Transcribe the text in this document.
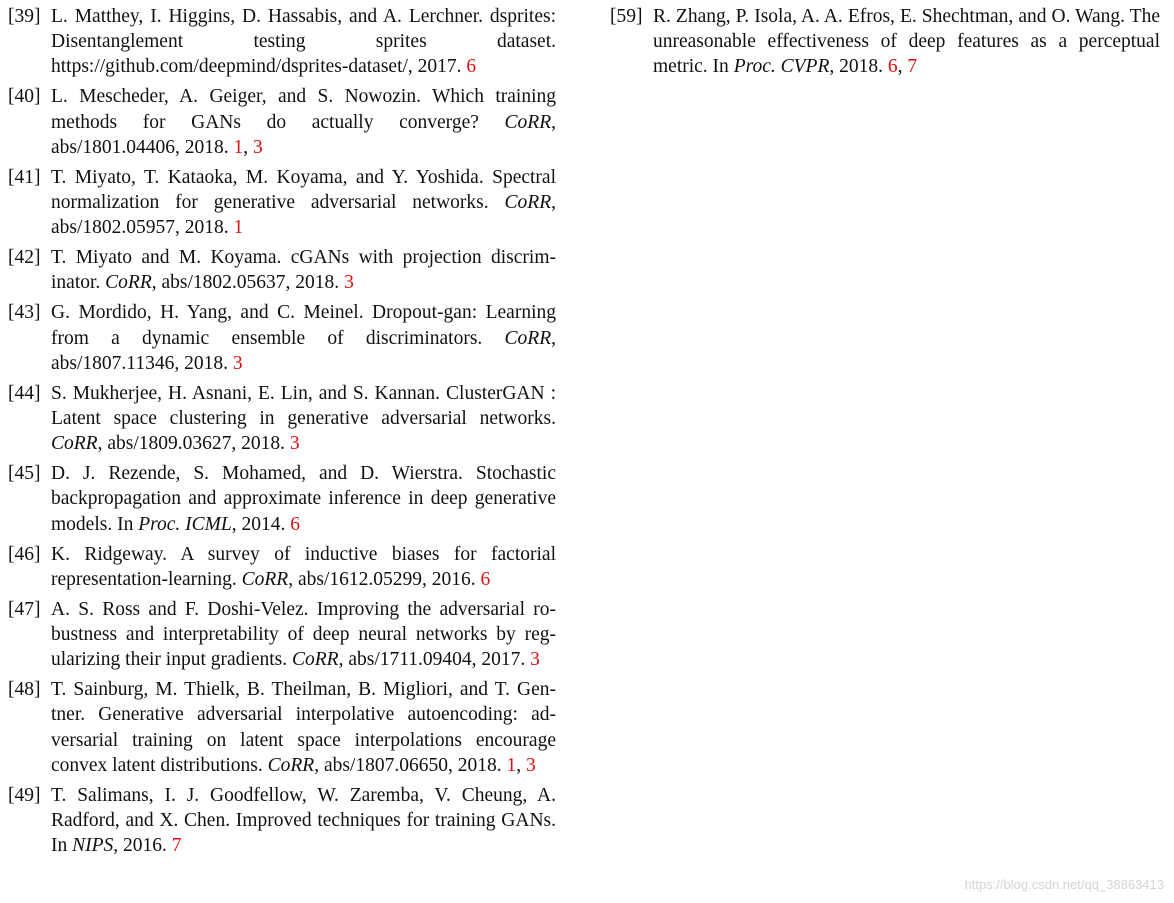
[39] L. Matthey, I. Higgins, D. Hassabis, and A. Lerchner. dsprites: Disentanglement testing sprites dataset. https://github.com/deepmind/dsprites-dataset/, 2017. 6
[40] L. Mescheder, A. Geiger, and S. Nowozin. Which training methods for GANs do actually converge? CoRR, abs/1801.04406, 2018. 1, 3
[41] T. Miyato, T. Kataoka, M. Koyama, and Y. Yoshida. Spectral normalization for generative adversarial networks. CoRR, abs/1802.05957, 2018. 1
[42] T. Miyato and M. Koyama. cGANs with projection discriminator. CoRR, abs/1802.05637, 2018. 3
[43] G. Mordido, H. Yang, and C. Meinel. Dropout-gan: Learning from a dynamic ensemble of discriminators. CoRR, abs/1807.11346, 2018. 3
[44] S. Mukherjee, H. Asnani, E. Lin, and S. Kannan. ClusterGAN : Latent space clustering in generative adversarial networks. CoRR, abs/1809.03627, 2018. 3
[45] D. J. Rezende, S. Mohamed, and D. Wierstra. Stochastic backpropagation and approximate inference in deep generative models. In Proc. ICML, 2014. 6
[46] K. Ridgeway. A survey of inductive biases for factorial representation-learning. CoRR, abs/1612.05299, 2016. 6
[47] A. S. Ross and F. Doshi-Velez. Improving the adversarial robustness and interpretability of deep neural networks by regularizing their input gradients. CoRR, abs/1711.09404, 2017. 3
[48] T. Sainburg, M. Thielk, B. Theilman, B. Migliori, and T. Gentner. Generative adversarial interpolative autoencoding: adversarial training on latent space interpolations encourage convex latent distributions. CoRR, abs/1807.06650, 2018. 1, 3
[49] T. Salimans, I. J. Goodfellow, W. Zaremba, V. Cheung, A. Radford, and X. Chen. Improved techniques for training GANs. In NIPS, 2016. 7
[59] R. Zhang, P. Isola, A. A. Efros, E. Shechtman, and O. Wang. The unreasonable effectiveness of deep features as a perceptual metric. In Proc. CVPR, 2018. 6, 7
https://blog.csdn.net/qq_38863413
